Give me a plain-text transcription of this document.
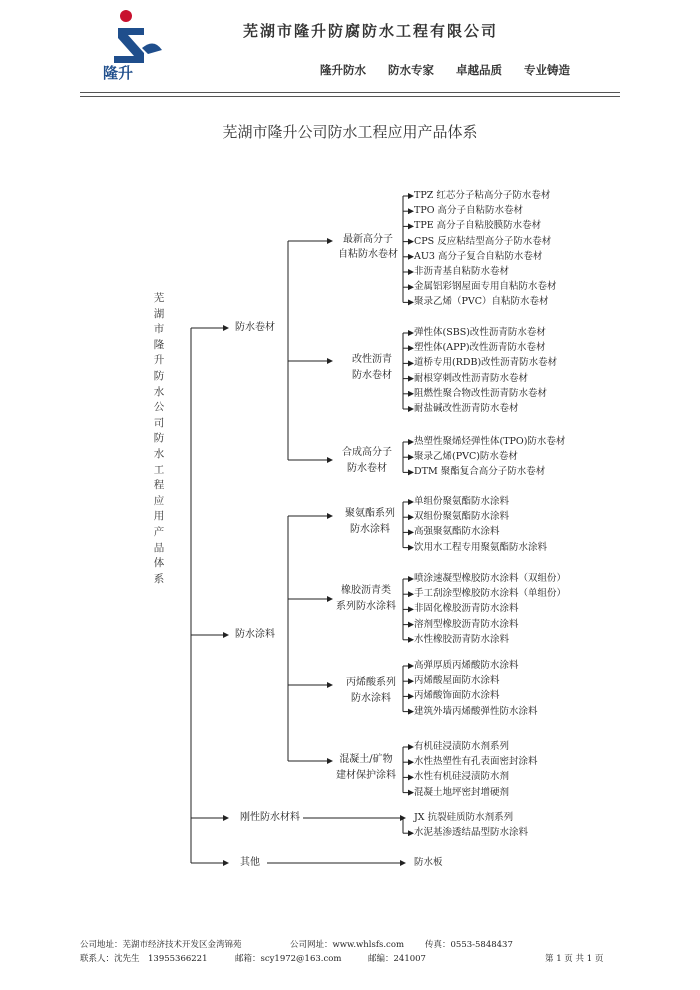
隆升
芜湖市隆升防腐防水工程有限公司
隆升防水 防水专家 卓越品质 专业铸造
芜湖市隆升公司防水工程应用产品体系
芜湖市隆升防水公司防水工程应用产品体系
防水卷材
防水涂料
刚性防水材料
其他
最新高分子
自粘防水卷材
改性沥青
防水卷材
合成高分子
防水卷材
聚氨酯系列
防水涂料
橡胶沥青类
系列防水涂料
丙烯酸系列
防水涂料
混凝土/矿物
建材保护涂料
TPZ 红芯分子粘高分子防水卷材
TPO 高分子自粘防水卷材
TPE 高分子自粘胶膜防水卷材
CPS 反应粘结型高分子防水卷材
AU3 高分子复合自粘防水卷材
非沥青基自粘防水卷材
金属铝彩钢屋面专用自粘防水卷材
聚录乙烯（PVC）自粘防水卷材
弹性体(SBS)改性沥青防水卷材
塑性体(APP)改性沥青防水卷材
道桥专用(RDB)改性沥青防水卷材
耐根穿刺改性沥青防水卷材
阻燃性聚合物改性沥青防水卷材
耐盐碱改性沥青防水卷材
热塑性聚烯烃弹性体(TPO)防水卷材
聚录乙烯(PVC)防水卷材
DTM 聚酯复合高分子防水卷材
单组份聚氨酯防水涂料
双组份聚氨酯防水涂料
高强聚氨酯防水涂料
饮用水工程专用聚氨酯防水涂料
喷涂速凝型橡胶防水涂料（双组份）
手工刮涂型橡胶防水涂料（单组份）
非固化橡胶沥青防水涂料
溶剂型橡胶沥青防水涂料
水性橡胶沥青防水涂料
高弹厚质丙烯酸防水涂料
丙烯酸屋面防水涂料
丙烯酸饰面防水涂料
建筑外墙丙烯酸弹性防水涂料
有机硅浸渍防水剂系列
水性热塑性有孔表面密封涂料
水性有机硅浸渍防水剂
混凝土地坪密封增硬剂
JX 抗裂硅质防水剂系列
水泥基渗透结晶型防水涂料
防水板
公司地址：芜湖市经济技术开发区金湾锦苑	公司网址：www.whlsfs.com 传真：0553-5848437
联系人：沈先生　13955366221	邮箱：scy1972@163.com	邮编：241007	第 1 页 共 1 页
